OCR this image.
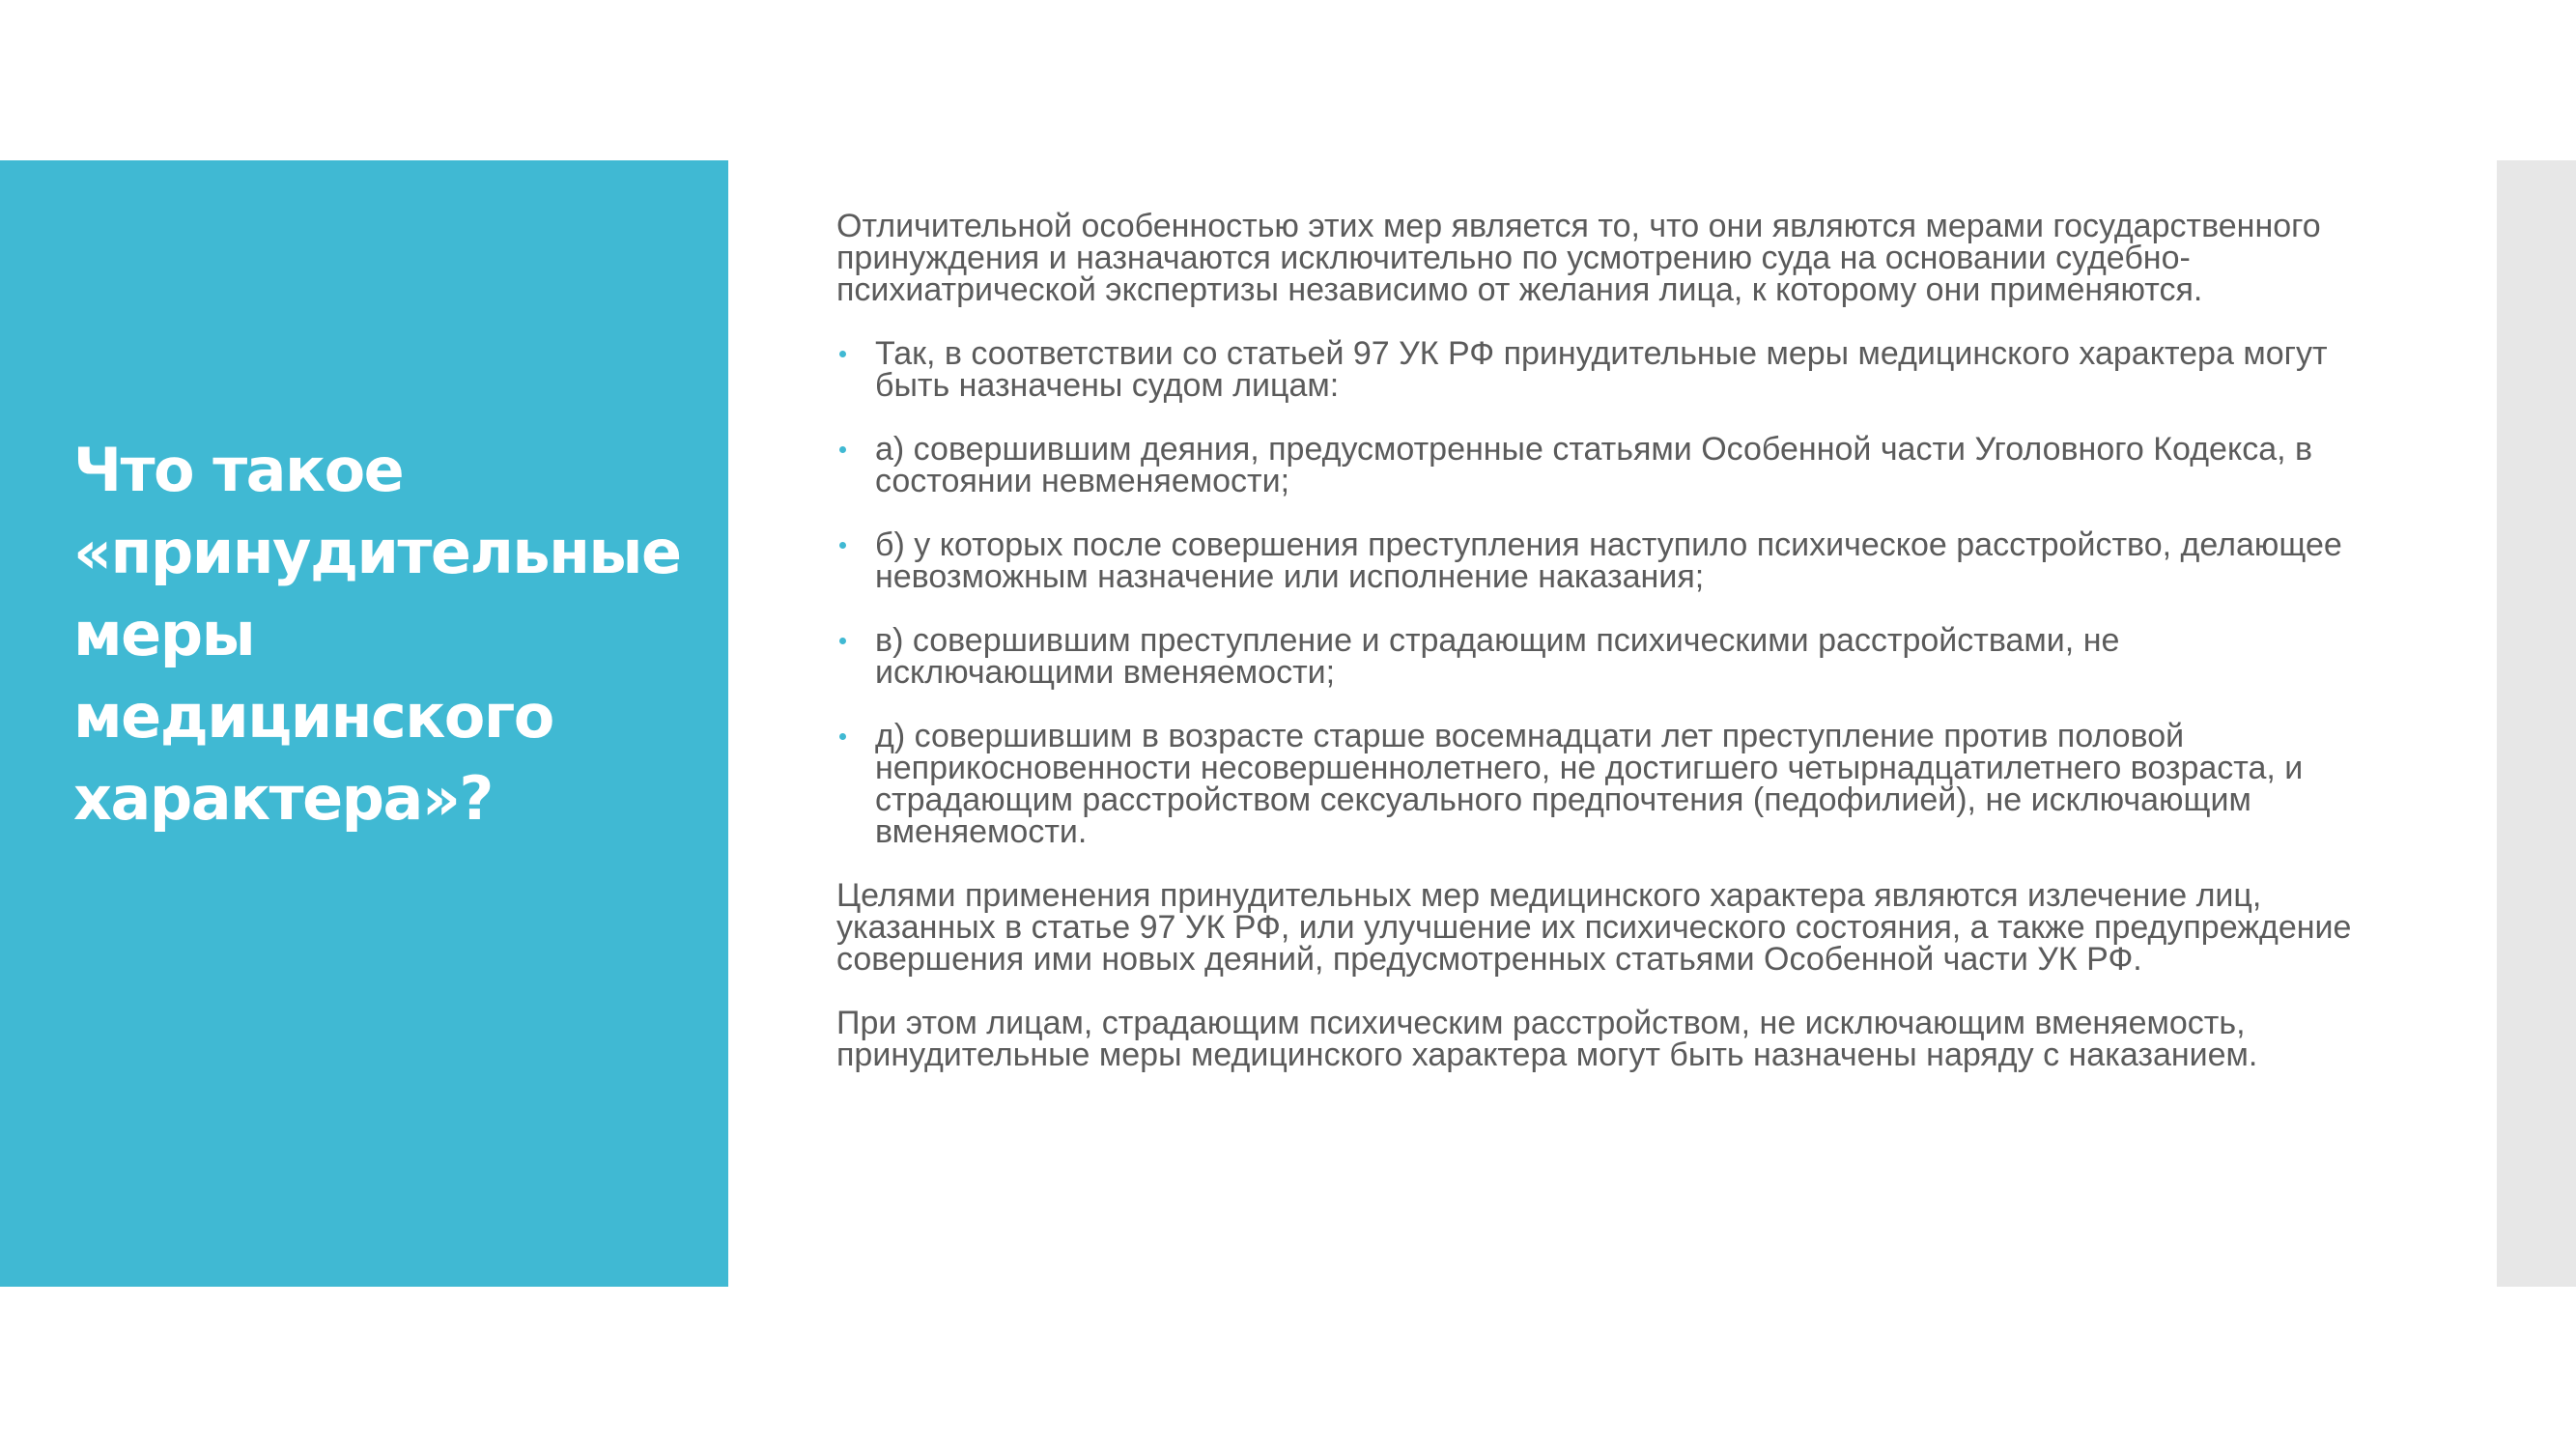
Что такое «принудительные меры медицинского характера»?

Отличительной особенностью этих мер является то, что они являются мерами государственного принуждения и назначаются исключительно по усмотрению суда на основании судебно-психиатрической экспертизы независимо от желания лица, к которому они применяются.

Так, в соответствии со статьей 97 УК РФ принудительные меры медицинского характера могут быть назначены судом лицам:
а) совершившим деяния, предусмотренные статьями Особенной части Уголовного Кодекса, в состоянии невменяемости;
б) у которых после совершения преступления наступило психическое расстройство, делающее невозможным назначение или исполнение наказания;
в) совершившим преступление и страдающим психическими расстройствами, не исключающими вменяемости;
д) совершившим в возрасте старше восемнадцати лет преступление против половой неприкосновенности несовершеннолетнего, не достигшего четырнадцатилетнего возраста, и страдающим расстройством сексуального предпочтения (педофилией), не исключающим вменяемости.

Целями применения принудительных мер медицинского характера являются излечение лиц, указанных в статье 97 УК РФ, или улучшение их психического состояния, а также предупреждение совершения ими новых деяний, предусмотренных статьями Особенной части УК РФ.

При этом лицам, страдающим психическим расстройством, не исключающим вменяемость, принудительные меры медицинского характера могут быть назначены наряду с наказанием.
